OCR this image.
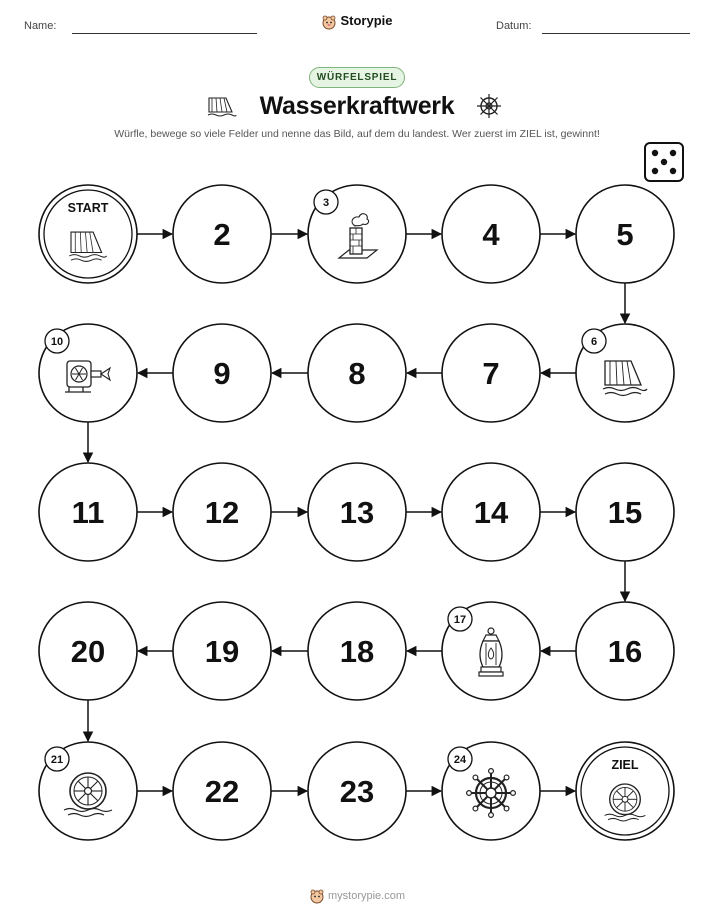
Name:	Storypie	Datum:
WÜRFELSPIEL
Wasserkraftwerk
Würfle, bewege so viele Felder und nenne das Bild, auf dem du landest. Wer zuerst im ZIEL ist, gewinnt!
START
2
3
4	5
6
7
8
9
10
11	12	13	14	15
16
17
18
19
20
21
22	23
24	ZIEL
mystorypie.com
